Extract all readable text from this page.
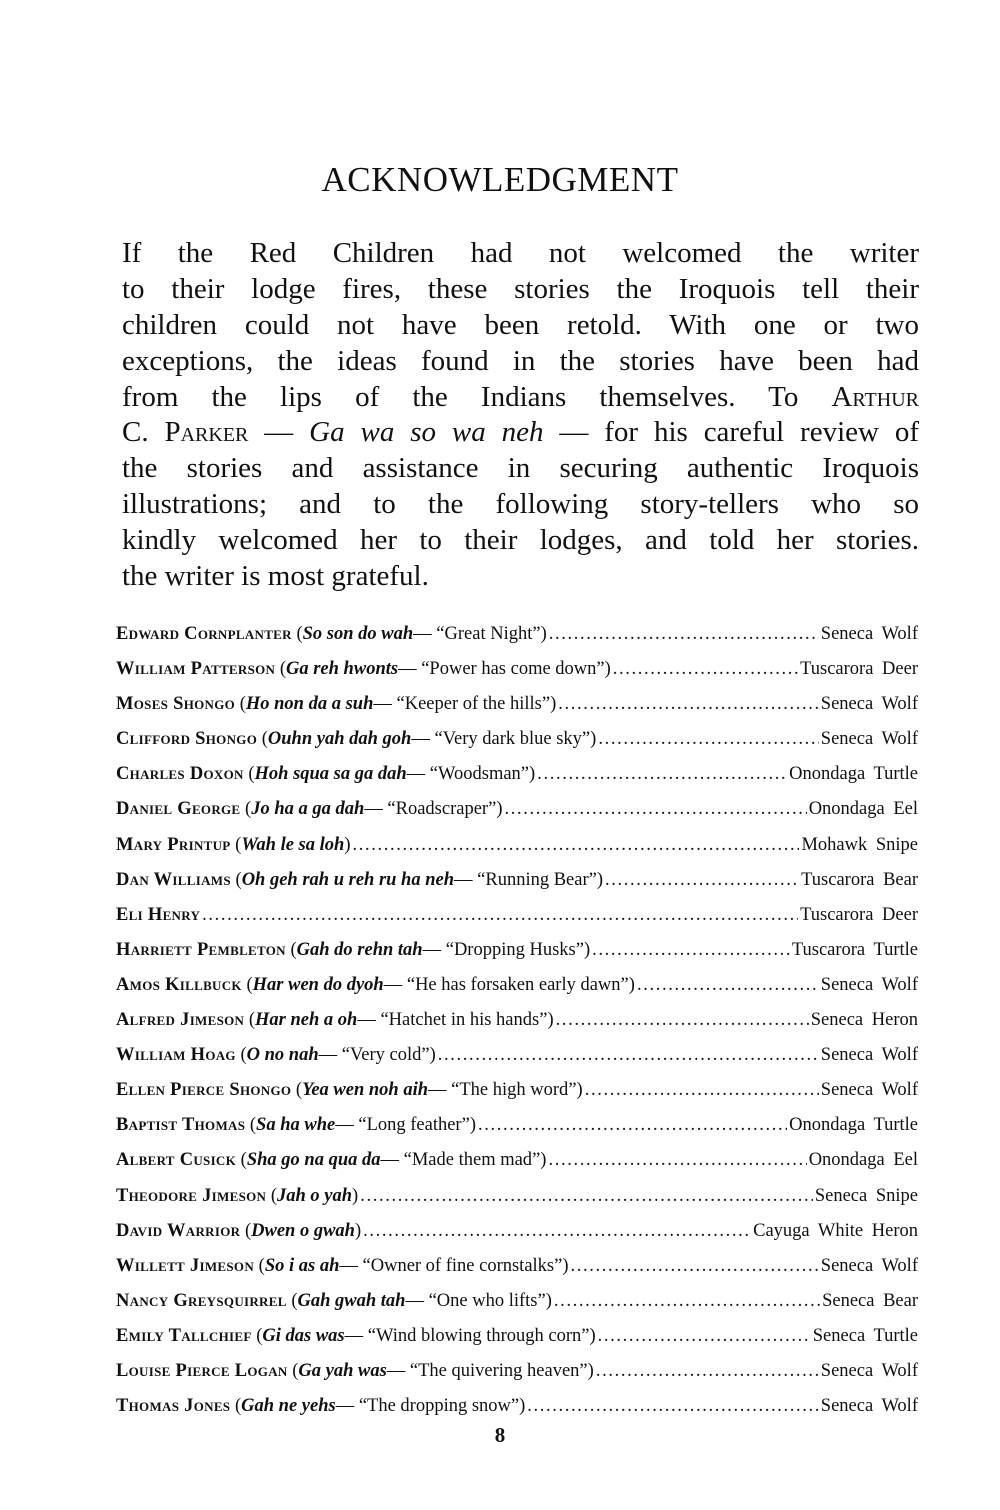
ACKNOWLEDGMENT
If the Red Children had not welcomed the writer
to their lodge fires, these stories the Iroquois tell their
children could not have been retold. With one or two
exceptions, the ideas found in the stories have been had
from the lips of the Indians themselves. To Arthur
C. Parker — Ga wa so wa neh — for his careful review of
the stories and assistance in securing authentic Iroquois
illustrations; and to the following story-tellers who so
kindly welcomed her to their lodges, and told her stories.
the writer is most grateful.
Edward Cornplanter ( So son do wah — “ Great Night ”) . . .	Seneca Wolf
William Patterson ( Ga reh hwonts — “ Power has come down ”) . . .	Tuscarora Deer
Moses Shongo ( Ho non da a suh — “ Keeper of the hills ”) . . .	Seneca Wolf
Clifford Shongo ( Ouhn yah dah goh — “ Very dark blue sky ”) . . .	Seneca Wolf
Charles Doxon ( Hoh squa sa ga dah — “ Woodsman ”) . . .	Onondaga Turtle
Daniel George ( Jo ha a ga dah — “ Roadscraper ”) . . .	Onondaga Eel
Mary Printup ( Wah le sa loh ) . . .	Mohawk Snipe
Dan Williams ( Oh geh rah u reh ru ha neh — “ Running Bear ”) . . .	Tuscarora Bear
Eli Henry . . .	Tuscarora Deer
Harriett Pembleton ( Gah do rehn tah — “ Dropping Husks ”) . . .	Tuscarora Turtle
Amos Killbuck ( Har wen do dyoh — “ He has forsaken early dawn ”) . . .	Seneca Wolf
Alfred Jimeson ( Har neh a oh — “ Hatchet in his hands ”) . . .	Seneca Heron
William Hoag ( O no nah — “ Very cold ”) . . .	Seneca Wolf
Ellen Pierce Shongo ( Yea wen noh aih — “ The high word ”) . . .	Seneca Wolf
Baptist Thomas ( Sa ha whe — “ Long feather ”) . . .	Onondaga Turtle
Albert Cusick ( Sha go na qua da — “ Made them mad ”) . . .	Onondaga Eel
Theodore Jimeson ( Jah o yah ) . . .	Seneca Snipe
David Warrior ( Dwen o gwah ) . . .	Cayuga White Heron
Willett Jimeson ( So i as ah — “ Owner of fine cornstalks ”) . . .	Seneca Wolf
Nancy Greysquirrel ( Gah gwah tah — “ One who lifts ”) . . .	Seneca Bear
Emily Tallchief ( Gi das was — “ Wind blowing through corn ”) . . .	Seneca Turtle
Louise Pierce Logan ( Ga yah was — “ The quivering heaven ”) . . .	Seneca Wolf
Thomas Jones ( Gah ne yehs — “ The dropping snow ”) . . .	Seneca Wolf
8
